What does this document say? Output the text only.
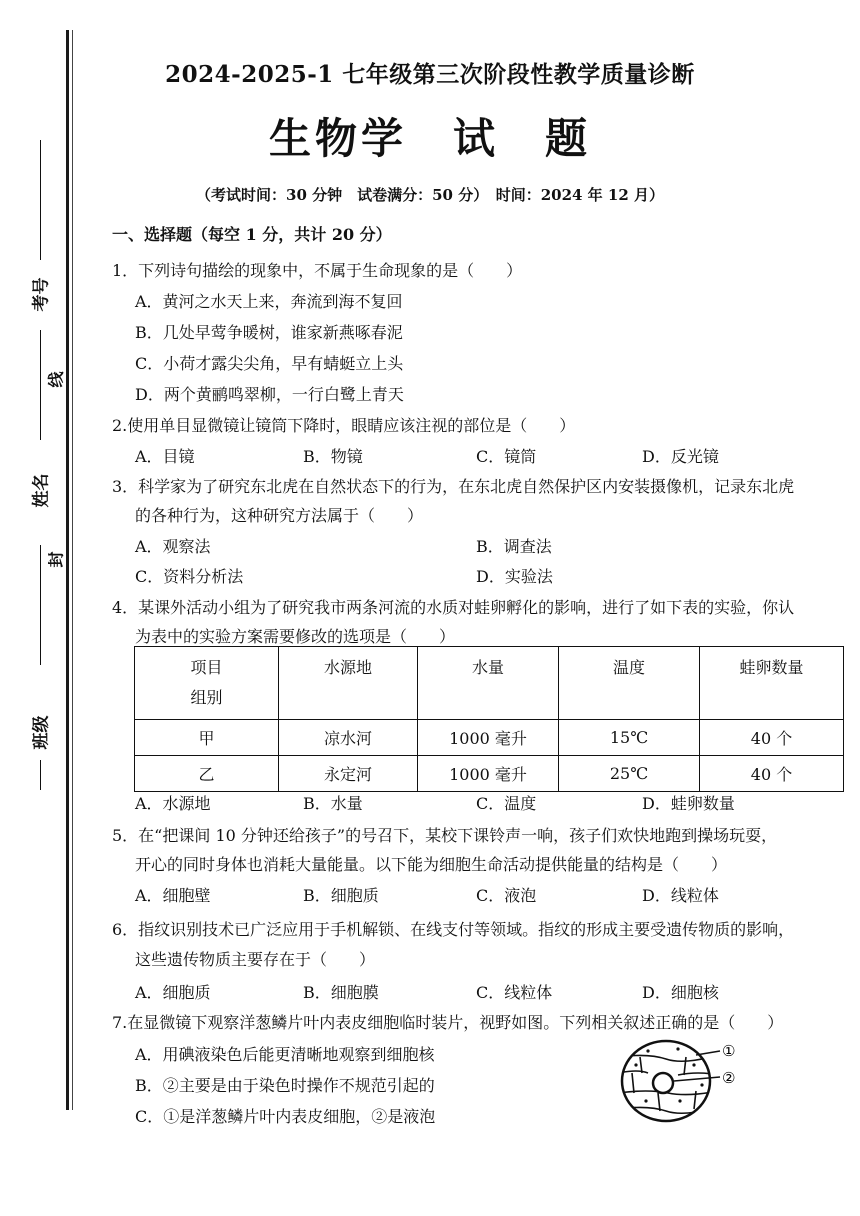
考号
姓名
班级
线
封
2024-2025-1 七年级第三次阶段性教学质量诊断
生物学　试　题
（考试时间：30 分钟　试卷满分：50 分）　时间：2024 年 12 月）
一、选择题（每空 1 分，共计 20 分）
1．下列诗句描绘的现象中，不属于生命现象的是（　　）
A．黄河之水天上来，奔流到海不复回
B．几处早莺争暖树，谁家新燕啄春泥
C．小荷才露尖尖角，早有蜻蜓立上头
D．两个黄鹂鸣翠柳，一行白鹭上青天
2.使用单目显微镜让镜筒下降时，眼睛应该注视的部位是（　　）
A．目镜	B．物镜	C．镜筒	D．反光镜
3．科学家为了研究东北虎在自然状态下的行为，在东北虎自然保护区内安装摄像机，记录东北虎
的各种行为，这种研究方法属于（　　）
A．观察法	B．调查法
C．资料分析法	D．实验法
4．某课外活动小组为了研究我市两条河流的水质对蛙卵孵化的影响，进行了如下表的实验，你认
为表中的实验方案需要修改的选项是（　　）
项目
组别	水源地	水量	温度	蛙卵数量
甲	凉水河	1000 毫升	15℃	40 个
乙	永定河	1000 毫升	25℃	40 个
A．水源地	B．水量	C．温度	D．蛙卵数量
5．在“把课间 10 分钟还给孩子”的号召下，某校下课铃声一响，孩子们欢快地跑到操场玩耍，
开心的同时身体也消耗大量能量。以下能为细胞生命活动提供能量的结构是（　　）
A．细胞壁	B．细胞质	C．液泡	D．线粒体
6．指纹识别技术已广泛应用于手机解锁、在线支付等领域。指纹的形成主要受遗传物质的影响，
这些遗传物质主要存在于（　　）
A．细胞质	B．细胞膜	C．线粒体	D．细胞核
7.在显微镜下观察洋葱鳞片叶内表皮细胞临时装片，视野如图。下列相关叙述正确的是（　　）
A．用碘液染色后能更清晰地观察到细胞核
B．②主要是由于染色时操作不规范引起的
C．①是洋葱鳞片叶内表皮细胞，②是液泡
①
②
